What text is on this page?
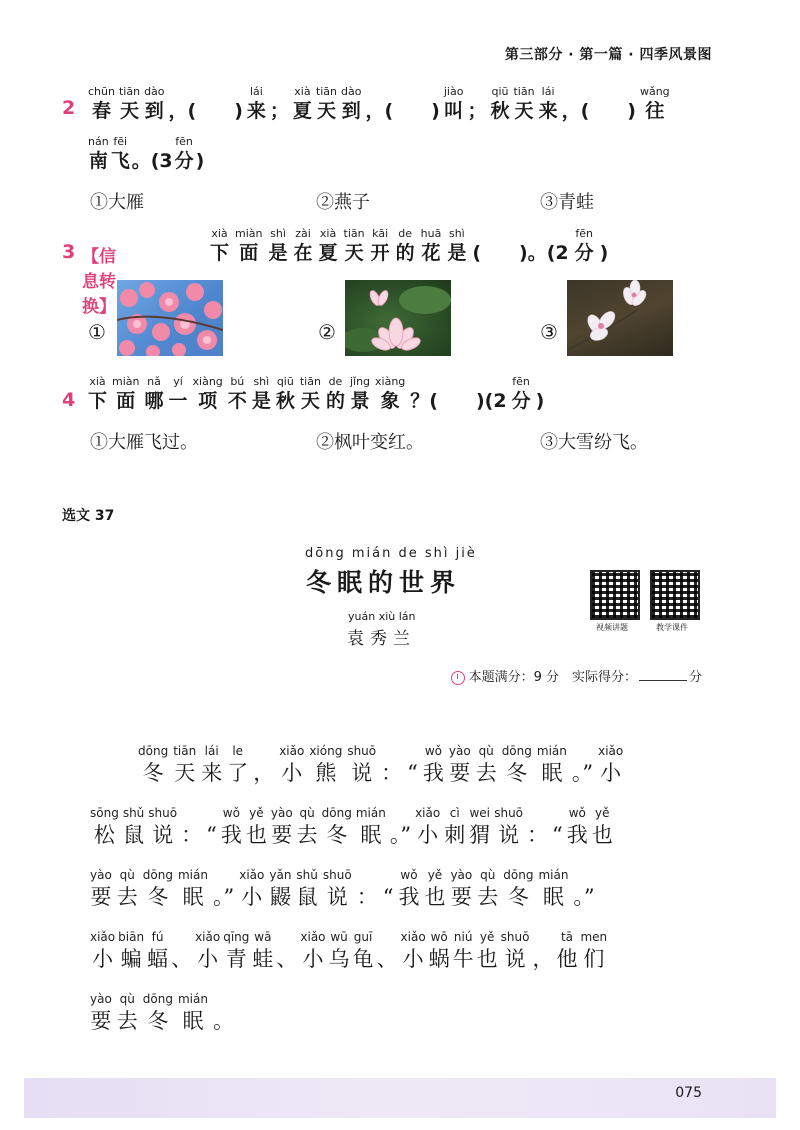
第三部分 · 第一篇 · 四季风景图
2
chūn
春
tiān
天
dào
到 ，(　　)
lái
来 ；
xià
夏
tiān
天
dào
到 ，(　　)
jiào
叫 ；
qiū
秋
tiān
天
lái
来 ，(　　)
wǎng
往
nán
南
fēi
飞 。(3
fēn
分 )
①大雁	②燕子	③青蛙
3 【信息转换】
xià
下
miàn
面
shì
是
zài
在
xià
夏
tiān
天
kāi
开
de
的
huā
花
shì
是 (　　)。(2
fēn
分 )
①	②	③
4
xià
下
miàn
面
nǎ
哪
yí
一
xiàng
项
bú
不
shì
是
qiū
秋
tiān
天
de
的
jǐng
景
xiàng
象 ？(　　)(2
fēn
分 )
①大雁飞过。	②枫叶变红。	③大雪纷飞。
选文 37
dōng mián de shì jiè
冬眠的世界
yuán xiù lán
袁秀兰
视频讲题	教学课件
本题满分：9 分　实际得分：	分
dōng
冬
tiān
天
lái
来
le
了 ，
xiǎo
小
xióng
熊
shuō
说 ： “
wǒ
我
yào
要
qù
去
dōng
冬
mián
眠 。”
xiǎo
小
sōng
松
shǔ
鼠
shuō
说 ： “
wǒ
我
yě
也
yào
要
qù
去
dōng
冬
mián
眠 。”
xiǎo
小
cì
刺
wei
猬
shuō
说 ： “
wǒ
我
yě
也
yào
要
qù
去
dōng
冬
mián
眠 。”
xiǎo
小
yǎn
鼹
shǔ
鼠
shuō
说 ： “
wǒ
我
yě
也
yào
要
qù
去
dōng
冬
mián
眠 。”
xiǎo
小
biān
蝙
fú
蝠 、
xiǎo
小
qīng
青
wā
蛙 、
xiǎo
小
wū
乌
guī
龟 、
xiǎo
小
wō
蜗
niú
牛
yě
也
shuō
说 ，
tā
他
men
们
yào
要
qù
去
dōng
冬
mián
眠 。
075
